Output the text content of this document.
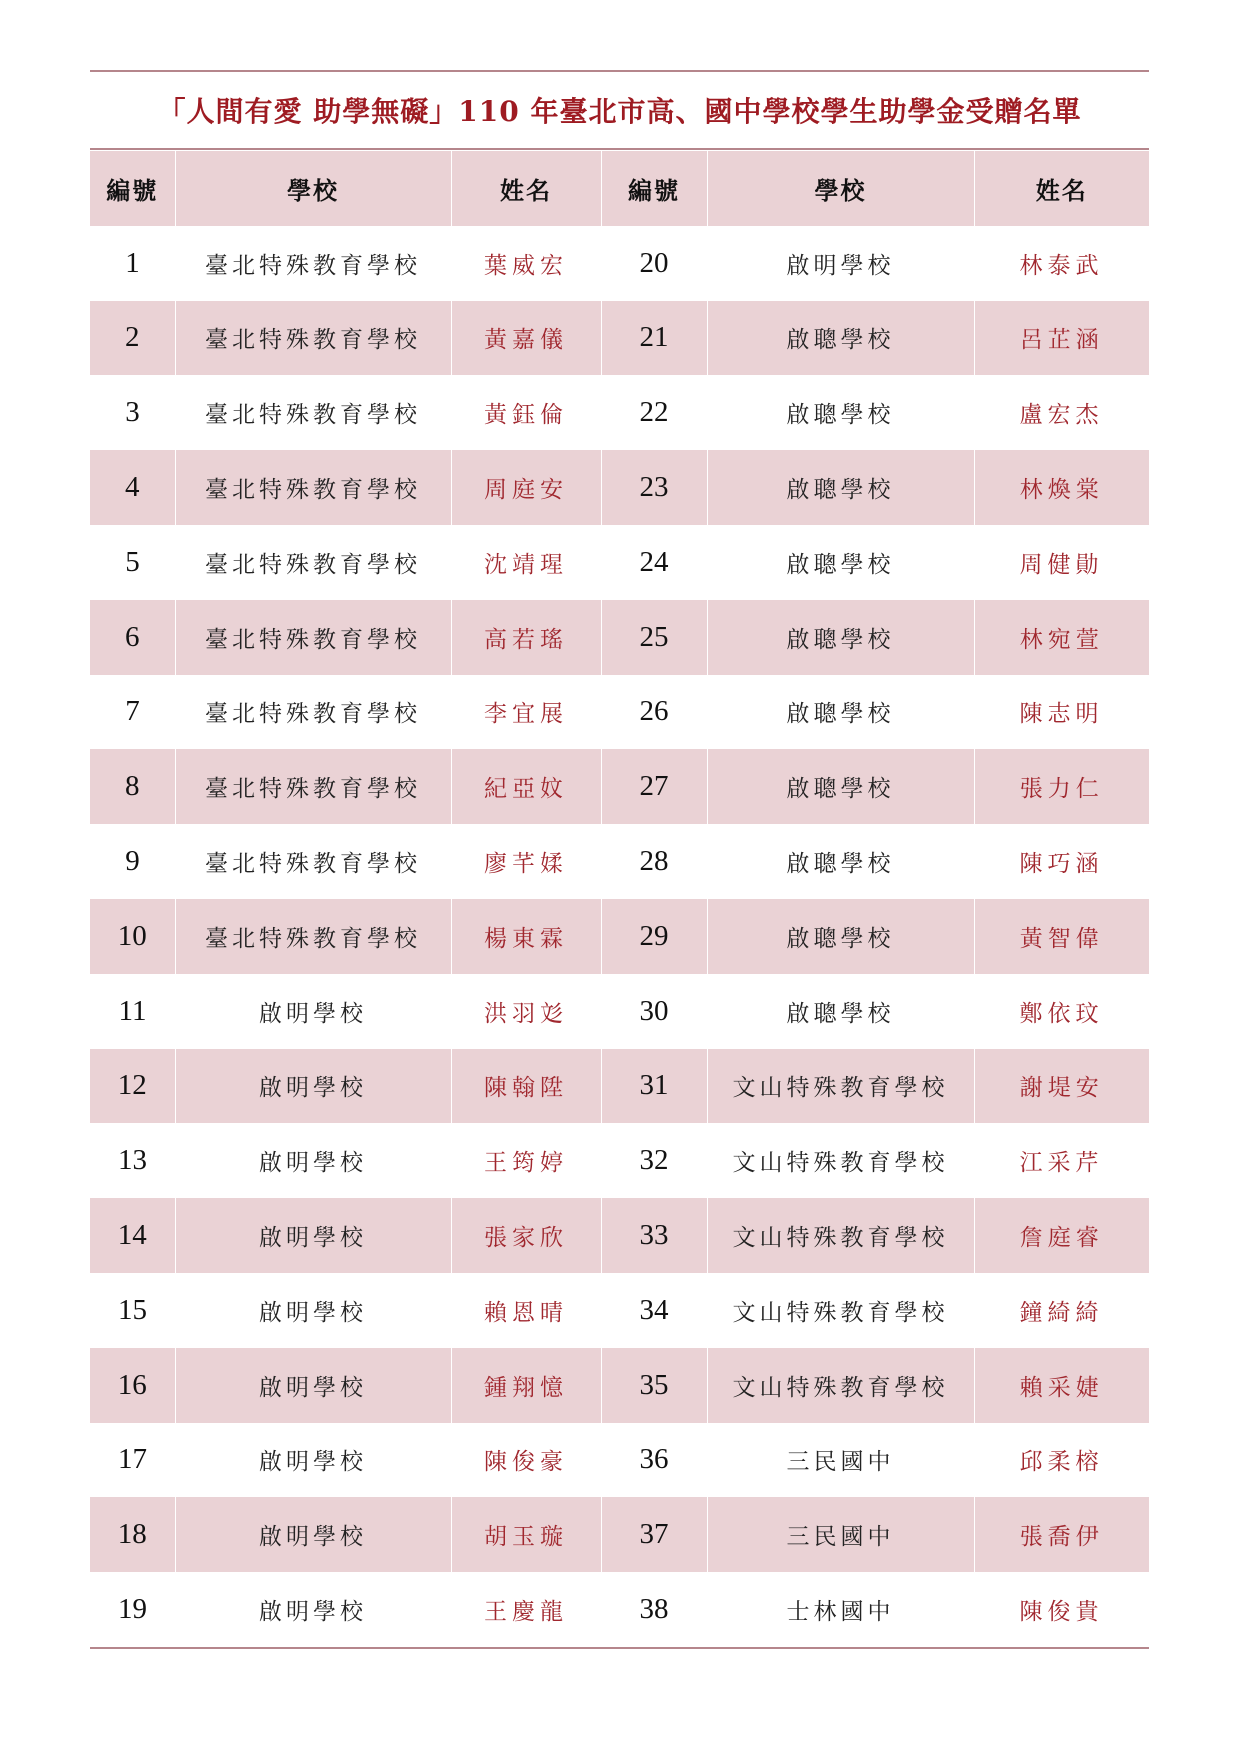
「人間有愛 助學無礙」110 年臺北市高、國中學校學生助學金受贈名單
編號	學校	姓名	編號	學校	姓名
1	臺北特殊教育學校	葉威宏	20	啟明學校	林泰武
2	臺北特殊教育學校	黃嘉儀	21	啟聰學校	呂芷涵
3	臺北特殊教育學校	黃鈺倫	22	啟聰學校	盧宏杰
4	臺北特殊教育學校	周庭安	23	啟聰學校	林煥棠
5	臺北特殊教育學校	沈靖瑆	24	啟聰學校	周健勛
6	臺北特殊教育學校	高若瑤	25	啟聰學校	林宛萱
7	臺北特殊教育學校	李宜展	26	啟聰學校	陳志明
8	臺北特殊教育學校	紀亞妏	27	啟聰學校	張力仁
9	臺北特殊教育學校	廖芊媃	28	啟聰學校	陳巧涵
10	臺北特殊教育學校	楊東霖	29	啟聰學校	黃智偉
11	啟明學校	洪羽彣	30	啟聰學校	鄭依玟
12	啟明學校	陳翰陞	31	文山特殊教育學校	謝堤安
13	啟明學校	王筠婷	32	文山特殊教育學校	江采芹
14	啟明學校	張家欣	33	文山特殊教育學校	詹庭睿
15	啟明學校	賴恩晴	34	文山特殊教育學校	鐘綺綺
16	啟明學校	鍾翔憶	35	文山特殊教育學校	賴采婕
17	啟明學校	陳俊豪	36	三民國中	邱柔榕
18	啟明學校	胡玉璇	37	三民國中	張喬伊
19	啟明學校	王慶龍	38	士林國中	陳俊貴
